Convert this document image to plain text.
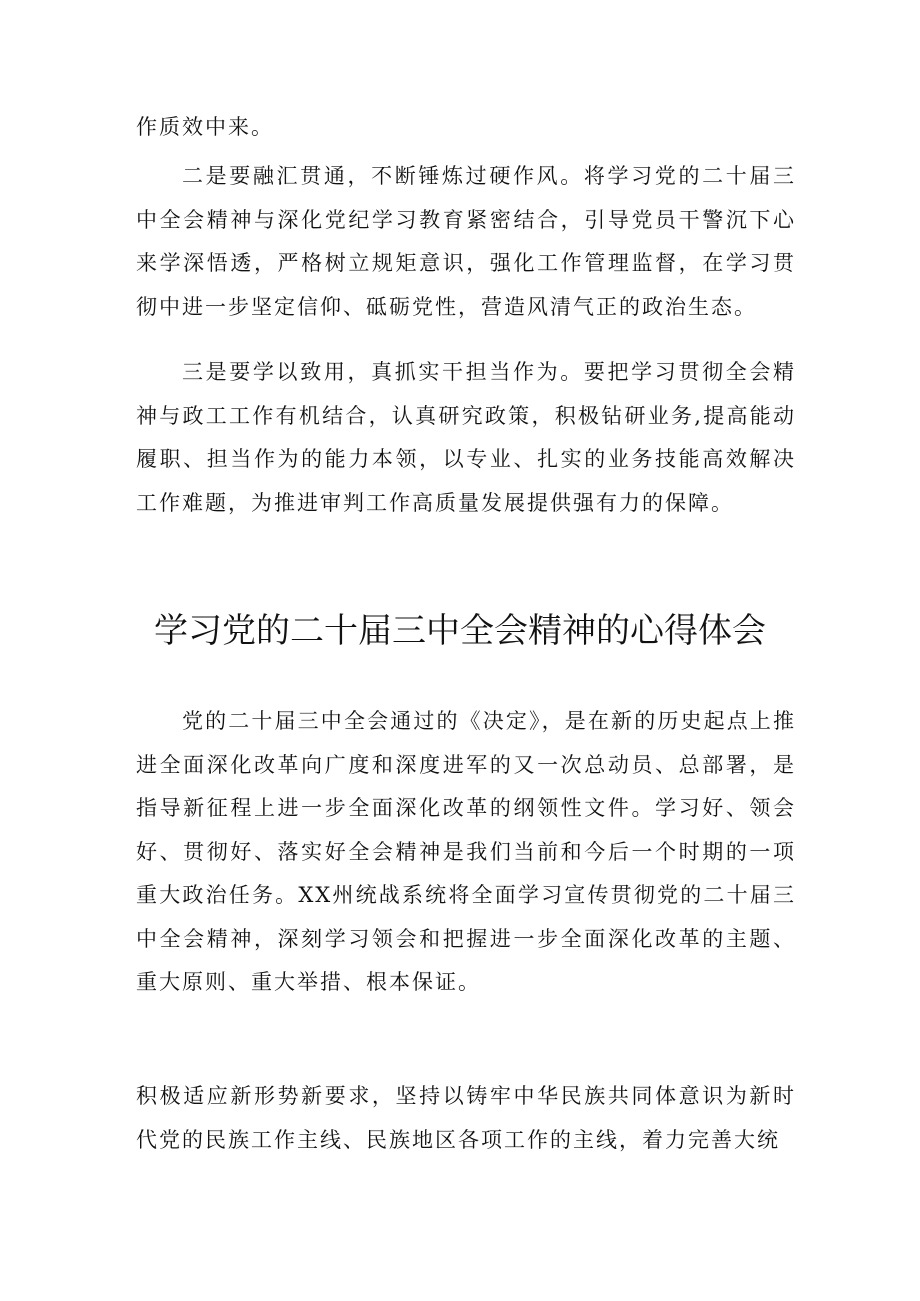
作质效中来。

二是要融汇贯通，不断锤炼过硬作风。将学习党的二十届三中全会精神与深化党纪学习教育紧密结合，引导党员干警沉下心来学深悟透，严格树立规矩意识，强化工作管理监督，在学习贯彻中进一步坚定信仰、砥砺党性，营造风清气正的政治生态。

三是要学以致用，真抓实干担当作为。要把学习贯彻全会精神与政工工作有机结合，认真研究政策，积极钻研业务,提高能动履职、担当作为的能力本领，以专业、扎实的业务技能高效解决工作难题，为推进审判工作高质量发展提供强有力的保障。

学习党的二十届三中全会精神的心得体会

党的二十届三中全会通过的《决定》，是在新的历史起点上推进全面深化改革向广度和深度进军的又一次总动员、总部署，是指导新征程上进一步全面深化改革的纲领性文件。学习好、领会好、贯彻好、落实好全会精神是我们当前和今后一个时期的一项重大政治任务。XX州统战系统将全面学习宣传贯彻党的二十届三中全会精神，深刻学习领会和把握进一步全面深化改革的主题、重大原则、重大举措、根本保证。

积极适应新形势新要求，坚持以铸牢中华民族共同体意识为新时代党的民族工作主线、民族地区各项工作的主线，着力完善大统
